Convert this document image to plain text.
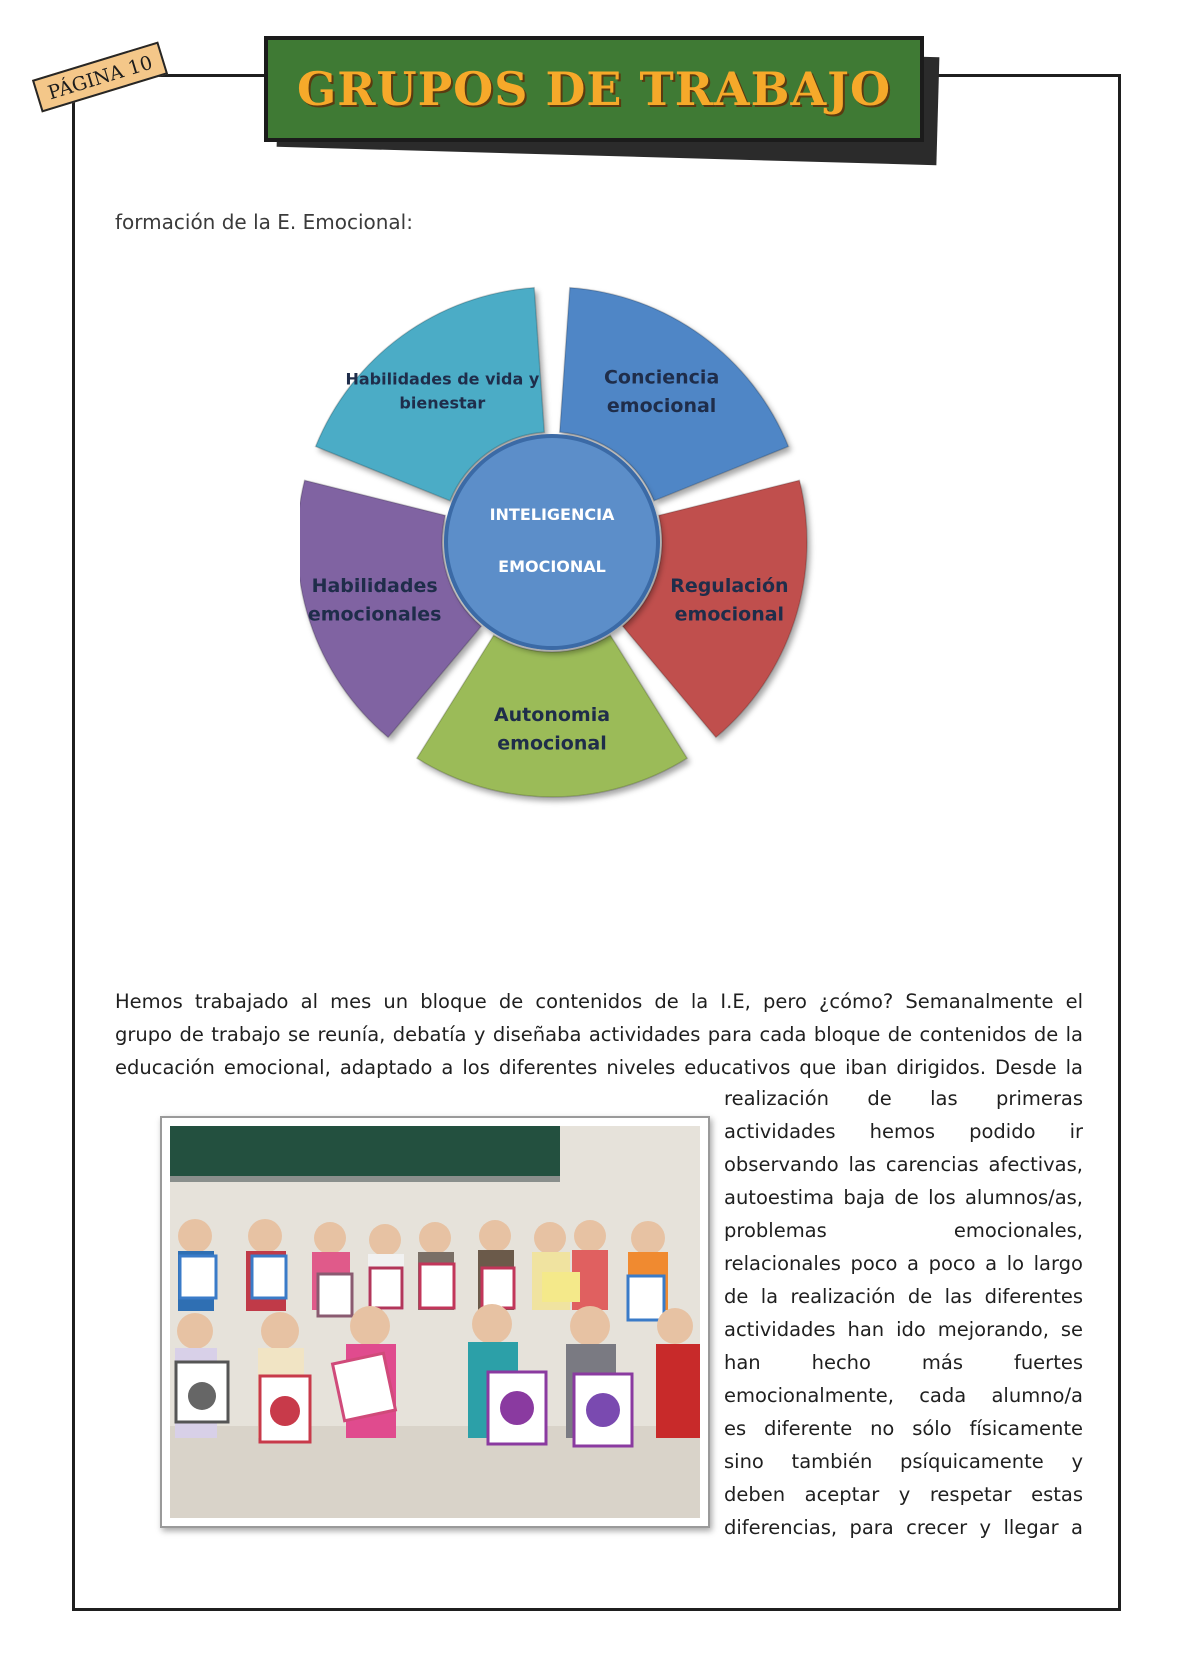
PÁGINA 10	GRUPOS DE TRABAJO
formación de la E. Emocional:
Conciencia emocional
Regulación emocional
Autonomia emocional
Habilidades emocionales
Habilidades de vida y bienestar
INTELIGENCIA
EMOCIONAL

Hemos trabajado al mes un bloque de contenidos de la I.E, pero ¿cómo? Semanalmente el
grupo de trabajo se reunía, debatía y diseñaba actividades para cada bloque de contenidos de la
educación emocional, adaptado a los diferentes niveles educativos que iban dirigidos. Desde la

realización de las primeras
actividades hemos podido ir
observando las carencias afectivas,
autoestima baja de los alumnos/as,
problemas emocionales,
relacionales poco a poco a lo largo
de la realización de las diferentes
actividades han ido mejorando, se
han hecho más fuertes
emocionalmente, cada alumno/a
es diferente no sólo físicamente
sino también psíquicamente y
deben aceptar y respetar estas
diferencias, para crecer y llegar a
